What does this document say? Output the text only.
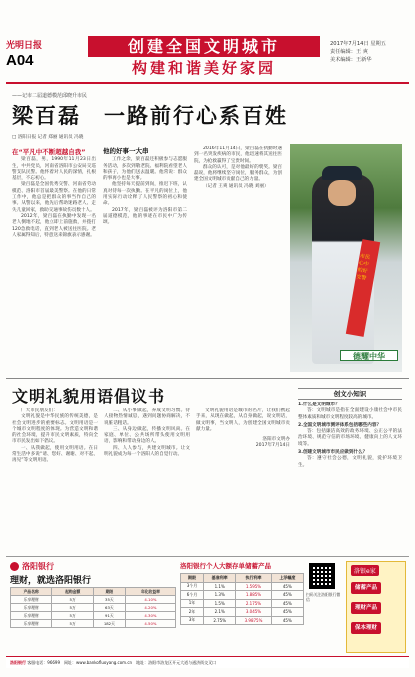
光明日报
A04
创建全国文明城市
构建和谐美好家园
2017年7月14日 星期五
责任编辑：王 爽
美术编辑：王新华
——记市二届道德模范邱晓升市民
梁百磊　一路前行心系百姓
□ 洛阳日报 记者 郑丽 通讯员 冯晓
在“平凡中不断超越自我”

梁百磊，男，1990年11月23日出生，中共党员，河南省洛阳市公安局交巡警支队民警。他怀着对人民的深情，扎根基层，不忘初心。

梁百磊是全国优秀交警、河南省劳动模范、洛阳市首届最美警察。在他的日常工作中，他总是把群众的事当作自己的事。从警以来，他先后帮助迷路老人、走失儿童回家，救助交通事故伤员数十人。

2012年，梁百磊在执勤中发现一名老人倒地不起，他立即上前施救，并拨打120急救电话，直到老人被送往医院。老人家属得知后，特意送来锦旗表示感谢。

他的好事一大串

工作之余，梁百磊还积极参与志愿服务活动，多次到敬老院、福利院看望老人和孩子，为他们送去温暖。他常说：群众的事再小也是大事。

他坚持每天提前到岗，推迟下班，认真对待每一次执勤。在平凡的岗位上，他用实际行动诠释了人民警察的初心和使命。

2017年，梁百磊被评为洛阳市第二届道德模范，他的事迹在市民中广为传颂。

2016年11月14日，梁百磊在执勤时遇到一名突发疾病的市民，他迅速将其送往医院，为抢救赢得了宝贵时间。

群众的认可，是对他最好的褒奖。梁百磊说，他将继续坚守岗位，服务群众，为创建全国文明城市贡献自己的力量。

（记者 王爽 通讯员 冯晓 刘丽）

市民心中的好交警
德耀中华
文明礼貌用语倡议书

广大市民朋友们：

文明礼貌是中华民族的传统美德，是社会文明进步的重要标志。文明用语是一个城市文明程度的体现。为营造文明和谐的社会环境，提升市民文明素质，特向全市市民发出如下倡议。

一、从我做起，使用文明用语。在日常生活中多说“请、您好、谢谢、对不起、再见”等文明用语。

二、从小事做起，养成文明习惯。待人接物热情诚恳，遇到问题协商解决，不说脏话粗话。

三、从身边做起，传播文明风尚。在家庭、单位、公共场所带头使用文明用语，影响和带动身边的人。

四、人人参与，共建文明城市。让文明礼貌成为每一个洛阳人的自觉行动。

文明礼貌用语是城市的名片，让我们携起手来，从现在做起，从自身做起，说文明话，做文明事，当文明人，为创建全国文明城市贡献力量。

洛阳市文明办
2017年7月14日
创文小知识
1.什么是文明城市？

答：文明城市是指在全面建设小康社会中市民整体素质和城市文明程度较高的城市。

2.全国文明城市测评体系包括哪些内容？

答：包括廉洁高效的政务环境、公正公平的法治环境、规范守信的市场环境、健康向上的人文环境等。

3.创建文明城市市民应做到什么？

答：遵守社会公德，文明礼貌，爱护环境卫生。

洛阳银行
理财，就选洛阳银行
产品名称	起购金额	期限	年化收益率
乐享理财	5万	35天	4.10%
乐享理财	5万	63天	4.20%
乐享理财	5万	91天	4.30%
乐享理财	5万	182天	4.50%
洛阳银行个人大额存单储蓄产品
期限	基准利率	执行利率	上浮幅度
3个月	1.1%	1.595%	45%
6个月	1.3%	1.885%	45%
1年	1.5%	2.175%	45%
2年	2.1%	3.045%	45%
3年	2.75%	3.9875%	45%
扫码关注洛阳银行微信
洛银e家
储蓄产品
理财产品
保本理财
洛阳银行 客服电话：96699　网址：www.bankofluoyang.com.cn　地址：洛阳市洛龙区开元大道与通济街交叉口
